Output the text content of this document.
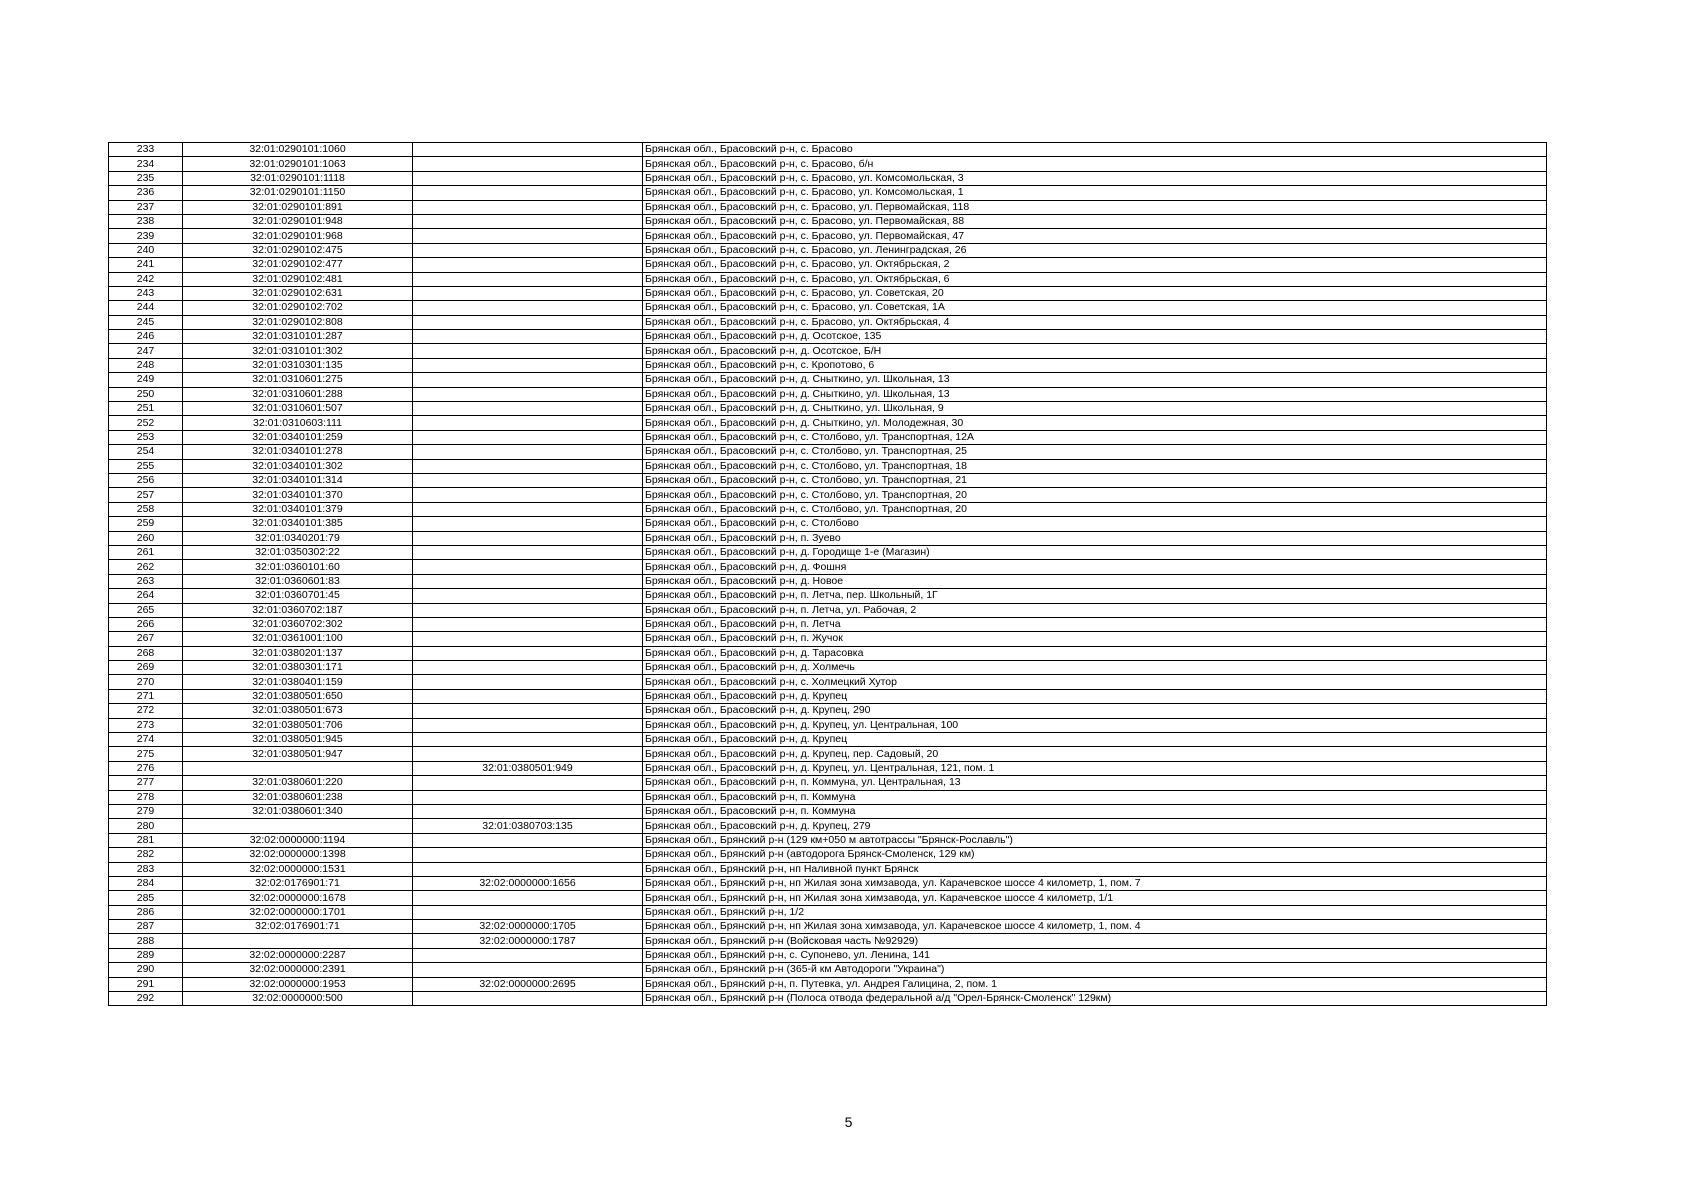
233	32:01:0290101:1060		Брянская обл., Брасовский р-н, с. Брасово
234	32:01:0290101:1063		Брянская обл., Брасовский р-н, с. Брасово, б/н
235	32:01:0290101:1118		Брянская обл., Брасовский р-н, с. Брасово, ул. Комсомольская, 3
236	32:01:0290101:1150		Брянская обл., Брасовский р-н, с. Брасово, ул. Комсомольская, 1
237	32:01:0290101:891		Брянская обл., Брасовский р-н, с. Брасово, ул. Первомайская, 118
238	32:01:0290101:948		Брянская обл., Брасовский р-н, с. Брасово, ул. Первомайская, 88
239	32:01:0290101:968		Брянская обл., Брасовский р-н, с. Брасово, ул. Первомайская, 47
240	32:01:0290102:475		Брянская обл., Брасовский р-н, с. Брасово, ул. Ленинградская, 26
241	32:01:0290102:477		Брянская обл., Брасовский р-н, с. Брасово, ул. Октябрьская, 2
242	32:01:0290102:481		Брянская обл., Брасовский р-н, с. Брасово, ул. Октябрьская, 6
243	32:01:0290102:631		Брянская обл., Брасовский р-н, с. Брасово, ул. Советская, 20
244	32:01:0290102:702		Брянская обл., Брасовский р-н, с. Брасово, ул. Советская, 1А
245	32:01:0290102:808		Брянская обл., Брасовский р-н, с. Брасово, ул. Октябрьская, 4
246	32:01:0310101:287		Брянская обл., Брасовский р-н, д. Осотское, 135
247	32:01:0310101:302		Брянская обл., Брасовский р-н, д. Осотское, Б/Н
248	32:01:0310301:135		Брянская обл., Брасовский р-н, с. Кропотово, 6
249	32:01:0310601:275		Брянская обл., Брасовский р-н, д. Сныткино, ул. Школьная, 13
250	32:01:0310601:288		Брянская обл., Брасовский р-н, д. Сныткино, ул. Школьная, 13
251	32:01:0310601:507		Брянская обл., Брасовский р-н, д. Сныткино, ул. Школьная, 9
252	32:01:0310603:111		Брянская обл., Брасовский р-н, д. Сныткино, ул. Молодежная, 30
253	32:01:0340101:259		Брянская обл., Брасовский р-н, с. Столбово, ул. Транспортная, 12А
254	32:01:0340101:278		Брянская обл., Брасовский р-н, с. Столбово, ул. Транспортная, 25
255	32:01:0340101:302		Брянская обл., Брасовский р-н, с. Столбово, ул. Транспортная, 18
256	32:01:0340101:314		Брянская обл., Брасовский р-н, с. Столбово, ул. Транспортная, 21
257	32:01:0340101:370		Брянская обл., Брасовский р-н, с. Столбово, ул. Транспортная, 20
258	32:01:0340101:379		Брянская обл., Брасовский р-н, с. Столбово, ул. Транспортная, 20
259	32:01:0340101:385		Брянская обл., Брасовский р-н, с. Столбово
260	32:01:0340201:79		Брянская обл., Брасовский р-н, п. Зуево
261	32:01:0350302:22		Брянская обл., Брасовский р-н, д. Городище 1-е (Магазин)
262	32:01:0360101:60		Брянская обл., Брасовский р-н, д. Фошня
263	32:01:0360601:83		Брянская обл., Брасовский р-н, д. Новое
264	32:01:0360701:45		Брянская обл., Брасовский р-н, п. Летча, пер. Школьный, 1Г
265	32:01:0360702:187		Брянская обл., Брасовский р-н, п. Летча, ул. Рабочая, 2
266	32:01:0360702:302		Брянская обл., Брасовский р-н, п. Летча
267	32:01:0361001:100		Брянская обл., Брасовский р-н, п. Жучок
268	32:01:0380201:137		Брянская обл., Брасовский р-н, д. Тарасовка
269	32:01:0380301:171		Брянская обл., Брасовский р-н, д. Холмечь
270	32:01:0380401:159		Брянская обл., Брасовский р-н, с. Холмецкий Хутор
271	32:01:0380501:650		Брянская обл., Брасовский р-н, д. Крупец
272	32:01:0380501:673		Брянская обл., Брасовский р-н, д. Крупец, 290
273	32:01:0380501:706		Брянская обл., Брасовский р-н, д. Крупец, ул. Центральная, 100
274	32:01:0380501:945		Брянская обл., Брасовский р-н, д. Крупец
275	32:01:0380501:947		Брянская обл., Брасовский р-н, д. Крупец, пер. Садовый, 20
276		32:01:0380501:949	Брянская обл., Брасовский р-н, д. Крупец, ул. Центральная, 121, пом. 1
277	32:01:0380601:220		Брянская обл., Брасовский р-н, п. Коммуна, ул. Центральная, 13
278	32:01:0380601:238		Брянская обл., Брасовский р-н, п. Коммуна
279	32:01:0380601:340		Брянская обл., Брасовский р-н, п. Коммуна
280		32:01:0380703:135	Брянская обл., Брасовский р-н, д. Крупец, 279
281	32:02:0000000:1194		Брянская обл., Брянский р-н (129 км+050 м автотрассы "Брянск-Рославль")
282	32:02:0000000:1398		Брянская обл., Брянский р-н (автодорога Брянск-Смоленск, 129 км)
283	32:02:0000000:1531		Брянская обл., Брянский р-н, нп Наливной пункт Брянск
284	32:02:0176901:71	32:02:0000000:1656	Брянская обл., Брянский р-н, нп Жилая зона химзавода, ул. Карачевское шоссе 4 километр, 1, пом. 7
285	32:02:0000000:1678		Брянская обл., Брянский р-н, нп Жилая зона химзавода, ул. Карачевское шоссе 4 километр, 1/1
286	32:02:0000000:1701		Брянская обл., Брянский р-н, 1/2
287	32:02:0176901:71	32:02:0000000:1705	Брянская обл., Брянский р-н, нп Жилая зона химзавода, ул. Карачевское шоссе 4 километр, 1, пом. 4
288		32:02:0000000:1787	Брянская обл., Брянский р-н (Войсковая часть №92929)
289	32:02:0000000:2287		Брянская обл., Брянский р-н, с. Супонево, ул. Ленина, 141
290	32:02:0000000:2391		Брянская обл., Брянский р-н (365-й км Автодороги "Украина")
291	32:02:0000000:1953	32:02:0000000:2695	Брянская обл., Брянский р-н, п. Путевка, ул. Андрея Галицина, 2, пом. 1
292	32:02:0000000:500		Брянская обл., Брянский р-н (Полоса отвода федеральной а/д "Орел-Брянск-Смоленск" 129км)
5
